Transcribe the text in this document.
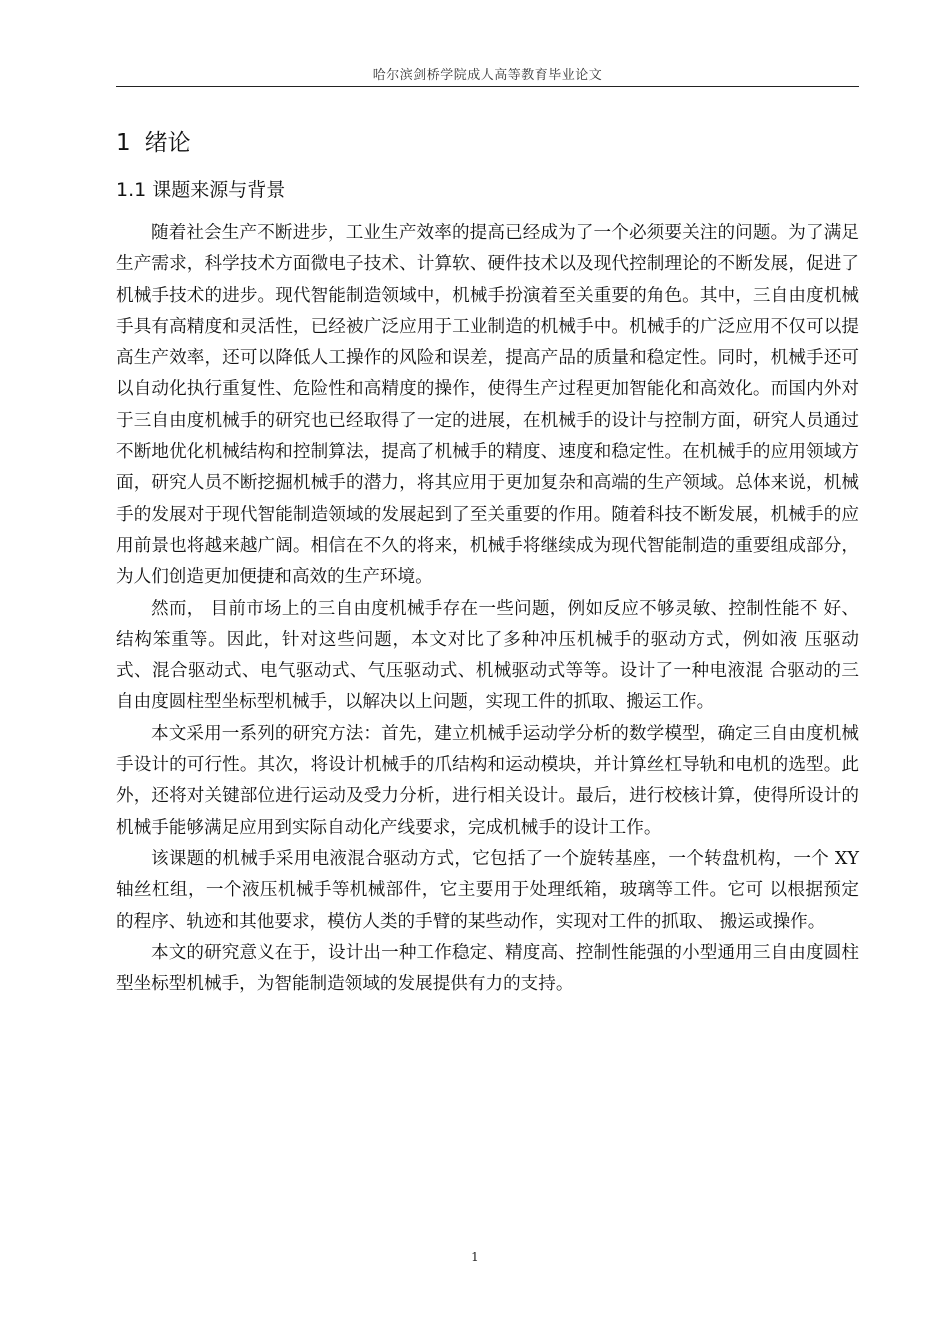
哈尔滨剑桥学院成人高等教育毕业论文
1 绪论
1.1 课题来源与背景

随着社会生产不断进步，工业生产效率的提高已经成为了一个必须要关注的问题。为了满足生产需求，科学技术方面微电子技术、计算软、硬件技术以及现代控制理论的不断发展，促进了机械手技术的进步。现代智能制造领域中，机械手扮演着至关重要的角色。其中，三自由度机械手具有高精度和灵活性，已经被广泛应用于工业制造的机械手中。机械手的广泛应用不仅可以提高生产效率，还可以降低人工操作的风险和误差，提高产品的质量和稳定性。同时，机械手还可以自动化执行重复性、危险性和高精度的操作，使得生产过程更加智能化和高效化。而国内外对于三自由度机械手的研究也已经取得了一定的进展，在机械手的设计与控制方面，研究人员通过不断地优化机械结构和控制算法，提高了机械手的精度、速度和稳定性。在机械手的应用领域方面，研究人员不断挖掘机械手的潜力，将其应用于更加复杂和高端的生产领域。总体来说，机械手的发展对于现代智能制造领域的发展起到了至关重要的作用。随着科技不断发展，机械手的应用前景也将越来越广阔。相信在不久的将来，机械手将继续成为现代智能制造的重要组成部分，为人们创造更加便捷和高效的生产环境。

然而， 目前市场上的三自由度机械手存在一些问题，例如反应不够灵敏、控制性能不 好、结构笨重等。因此，针对这些问题，本文对比了多种冲压机械手的驱动方式，例如液 压驱动式、混合驱动式、电气驱动式、气压驱动式、机械驱动式等等。设计了一种电液混 合驱动的三自由度圆柱型坐标型机械手，以解决以上问题，实现工件的抓取、搬运工作。

本文采用一系列的研究方法：首先，建立机械手运动学分析的数学模型，确定三自由度机械手设计的可行性。其次，将设计机械手的爪结构和运动模块，并计算丝杠导轨和电机的选型。此外，还将对关键部位进行运动及受力分析，进行相关设计。最后，进行校核计算，使得所设计的机械手能够满足应用到实际自动化产线要求，完成机械手的设计工作。

该课题的机械手采用电液混合驱动方式，它包括了一个旋转基座，一个转盘机构，一个 XY 轴丝杠组，一个液压机械手等机械部件，它主要用于处理纸箱，玻璃等工件。它可 以根据预定的程序、轨迹和其他要求，模仿人类的手臂的某些动作，实现对工件的抓取、 搬运或操作。

本文的研究意义在于，设计出一种工作稳定、精度高、控制性能强的小型通用三自由度圆柱型坐标型机械手，为智能制造领域的发展提供有力的支持。

1
